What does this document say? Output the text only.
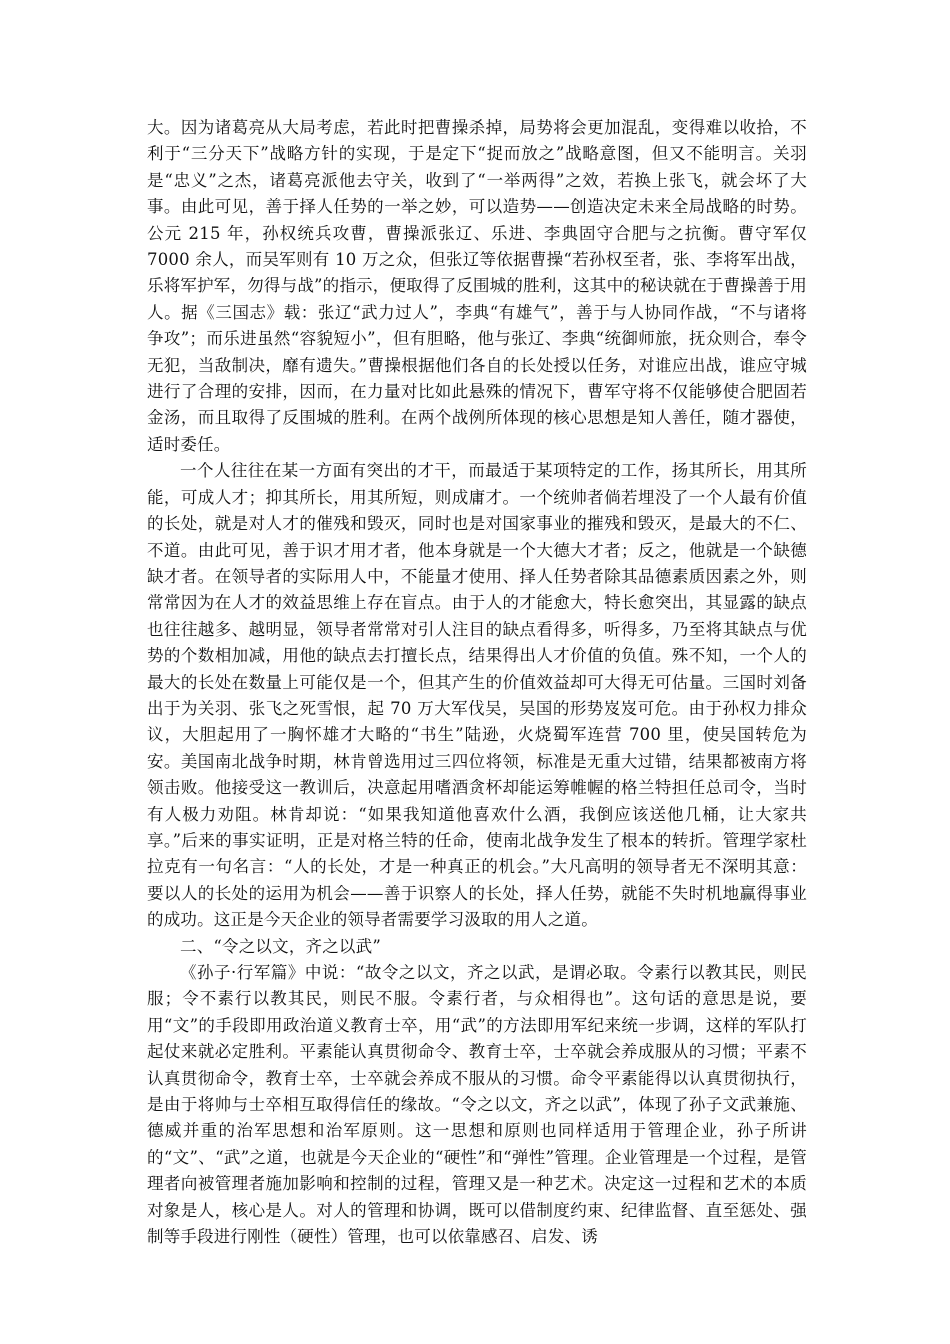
大。因为诸葛亮从大局考虑，若此时把曹操杀掉，局势将会更加混乱，变得难以收拾，不利于“三分天下”战略方针的实现，于是定下“捉而放之”战略意图，但又不能明言。关羽是“忠义”之杰，诸葛亮派他去守关，收到了“一举两得”之效，若换上张飞，就会坏了大事。由此可见，善于择人任势的一举之妙，可以造势——创造决定未来全局战略的时势。公元 215 年，孙权统兵攻曹，曹操派张辽、乐进、李典固守合肥与之抗衡。曹守军仅 7000 余人，而吴军则有 10 万之众，但张辽等依据曹操“若孙权至者，张、李将军出战，乐将军护军，勿得与战”的指示，便取得了反围城的胜利，这其中的秘诀就在于曹操善于用人。据《三国志》载：张辽“武力过人”，李典“有雄气”，善于与人协同作战，“不与诸将争攻”；而乐进虽然“容貌短小”，但有胆略，他与张辽、李典“统御师旅，抚众则合，奉令无犯，当敌制决，靡有遗失。”曹操根据他们各自的长处授以任务，对谁应出战，谁应守城进行了合理的安排，因而，在力量对比如此悬殊的情况下，曹军守将不仅能够使合肥固若金汤，而且取得了反围城的胜利。在两个战例所体现的核心思想是知人善任，随才器使，适时委任。

一个人往往在某一方面有突出的才干，而最适于某项特定的工作，扬其所长，用其所能，可成人才；抑其所长，用其所短，则成庸才。一个统帅者倘若埋没了一个人最有价值的长处，就是对人才的催残和毁灭，同时也是对国家事业的摧残和毁灭，是最大的不仁、不道。由此可见，善于识才用才者，他本身就是一个大德大才者；反之，他就是一个缺德缺才者。在领导者的实际用人中，不能量才使用、择人任势者除其品德素质因素之外，则常常因为在人才的效益思维上存在盲点。由于人的才能愈大，特长愈突出，其显露的缺点也往往越多、越明显，领导者常常对引人注目的缺点看得多，听得多，乃至将其缺点与优势的个数相加减，用他的缺点去打擅长点，结果得出人才价值的负值。殊不知，一个人的最大的长处在数量上可能仅是一个，但其产生的价值效益却可大得无可估量。三国时刘备出于为关羽、张飞之死雪恨，起 70 万大军伐吴，吴国的形势岌岌可危。由于孙权力排众议，大胆起用了一胸怀雄才大略的“书生”陆逊，火烧蜀军连营 700 里，使吴国转危为安。美国南北战争时期，林肯曾选用过三四位将领，标准是无重大过错，结果都被南方将领击败。他接受这一教训后，决意起用嗜酒贪杯却能运筹帷幄的格兰特担任总司令，当时有人极力劝阻。林肯却说：“如果我知道他喜欢什么酒，我倒应该送他几桶，让大家共享。”后来的事实证明，正是对格兰特的任命，使南北战争发生了根本的转折。管理学家杜拉克有一句名言：“人的长处，才是一种真正的机会。”大凡高明的领导者无不深明其意：要以人的长处的运用为机会——善于识察人的长处，择人任势，就能不失时机地赢得事业的成功。这正是今天企业的领导者需要学习汲取的用人之道。

二、“令之以文，齐之以武”

《孙子·行军篇》中说：“故令之以文，齐之以武，是谓必取。令素行以教其民，则民服；令不素行以教其民，则民不服。令素行者，与众相得也”。这句话的意思是说，要用“文”的手段即用政治道义教育士卒，用“武”的方法即用军纪来统一步调，这样的军队打起仗来就必定胜利。平素能认真贯彻命令、教育士卒，士卒就会养成服从的习惯；平素不认真贯彻命令，教育士卒，士卒就会养成不服从的习惯。命令平素能得以认真贯彻执行，是由于将帅与士卒相互取得信任的缘故。“令之以文，齐之以武”，体现了孙子文武兼施、德威并重的治军思想和治军原则。这一思想和原则也同样适用于管理企业，孙子所讲的“文”、“武”之道，也就是今天企业的“硬性”和“弹性”管理。企业管理是一个过程，是管理者向被管理者施加影响和控制的过程，管理又是一种艺术。决定这一过程和艺术的本质对象是人，核心是人。对人的管理和协调，既可以借制度约束、纪律监督、直至惩处、强制等手段进行刚性（硬性）管理，也可以依靠感召、启发、诱
